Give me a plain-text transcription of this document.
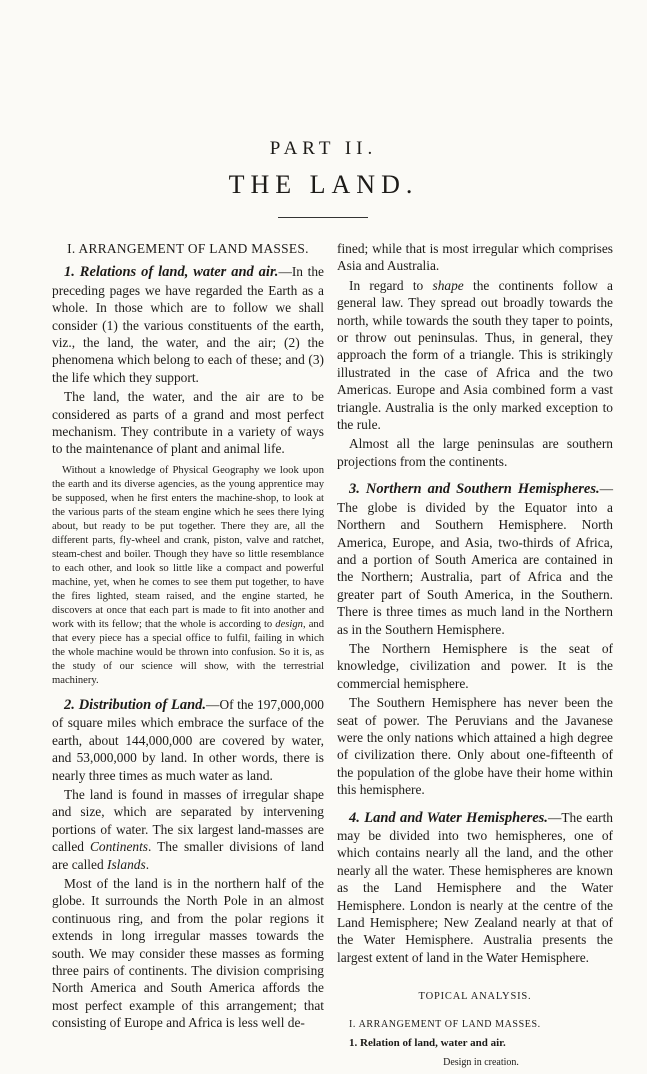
PART II.
THE LAND.
I. ARRANGEMENT OF LAND MASSES.

1. Relations of land, water and air.—In the preceding pages we have regarded the Earth as a whole. In those which are to follow we shall consider (1) the various constituents of the earth, viz., the land, the water, and the air; (2) the phenomena which belong to each of these; and (3) the life which they support.

The land, the water, and the air are to be considered as parts of a grand and most perfect mechanism. They contribute in a variety of ways to the maintenance of plant and animal life.

Without a knowledge of Physical Geography we look upon the earth and its diverse agencies, as the young apprentice may be supposed, when he first enters the machine-shop, to look at the various parts of the steam engine which he sees there lying about, but ready to be put together. There they are, all the different parts, fly-wheel and crank, piston, valve and ratchet, steam-chest and boiler. Though they have so little resemblance to each other, and look so little like a compact and powerful machine, yet, when he comes to see them put together, to have the fires lighted, steam raised, and the engine started, he discovers at once that each part is made to fit into another and work with its fellow; that the whole is according to design, and that every piece has a special office to fulfil, failing in which the whole machine would be thrown into confusion. So it is, as the study of our science will show, with the terrestrial machinery.

2. Distribution of Land.—Of the 197,000,000 of square miles which embrace the surface of the earth, about 144,000,000 are covered by water, and 53,000,000 by land. In other words, there is nearly three times as much water as land.

The land is found in masses of irregular shape and size, which are separated by intervening portions of water. The six largest land-masses are called Continents. The smaller divisions of land are called Islands.

Most of the land is in the northern half of the globe. It surrounds the North Pole in an almost continuous ring, and from the polar regions it extends in long irregular masses towards the south. We may consider these masses as forming three pairs of continents. The division comprising North America and South America affords the most perfect example of this arrangement; that consisting of Europe and Africa is less well de-

fined; while that is most irregular which comprises Asia and Australia.

In regard to shape the continents follow a general law. They spread out broadly towards the north, while towards the south they taper to points, or throw out peninsulas. Thus, in general, they approach the form of a triangle. This is strikingly illustrated in the case of Africa and the two Americas. Europe and Asia combined form a vast triangle. Australia is the only marked exception to the rule.

Almost all the large peninsulas are southern projections from the continents.

3. Northern and Southern Hemispheres.—The globe is divided by the Equator into a Northern and Southern Hemisphere. North America, Europe, and Asia, two-thirds of Africa, and a portion of South America are contained in the Northern; Australia, part of Africa and the greater part of South America, in the Southern. There is three times as much land in the Northern as in the Southern Hemisphere.

The Northern Hemisphere is the seat of knowledge, civilization and power. It is the commercial hemisphere.

The Southern Hemisphere has never been the seat of power. The Peruvians and the Javanese were the only nations which attained a high degree of civilization there. Only about one-fifteenth of the population of the globe have their home within this hemisphere.

4. Land and Water Hemispheres.—The earth may be divided into two hemispheres, one of which contains nearly all the land, and the other nearly all the water. These hemispheres are known as the Land Hemisphere and the Water Hemisphere. London is nearly at the centre of the Land Hemisphere; New Zealand nearly at that of the Water Hemisphere. Australia presents the largest extent of land in the Water Hemisphere.

TOPICAL ANALYSIS.

I. ARRANGEMENT OF LAND MASSES.

1. Relation of land, water and air.

Design in creation.
